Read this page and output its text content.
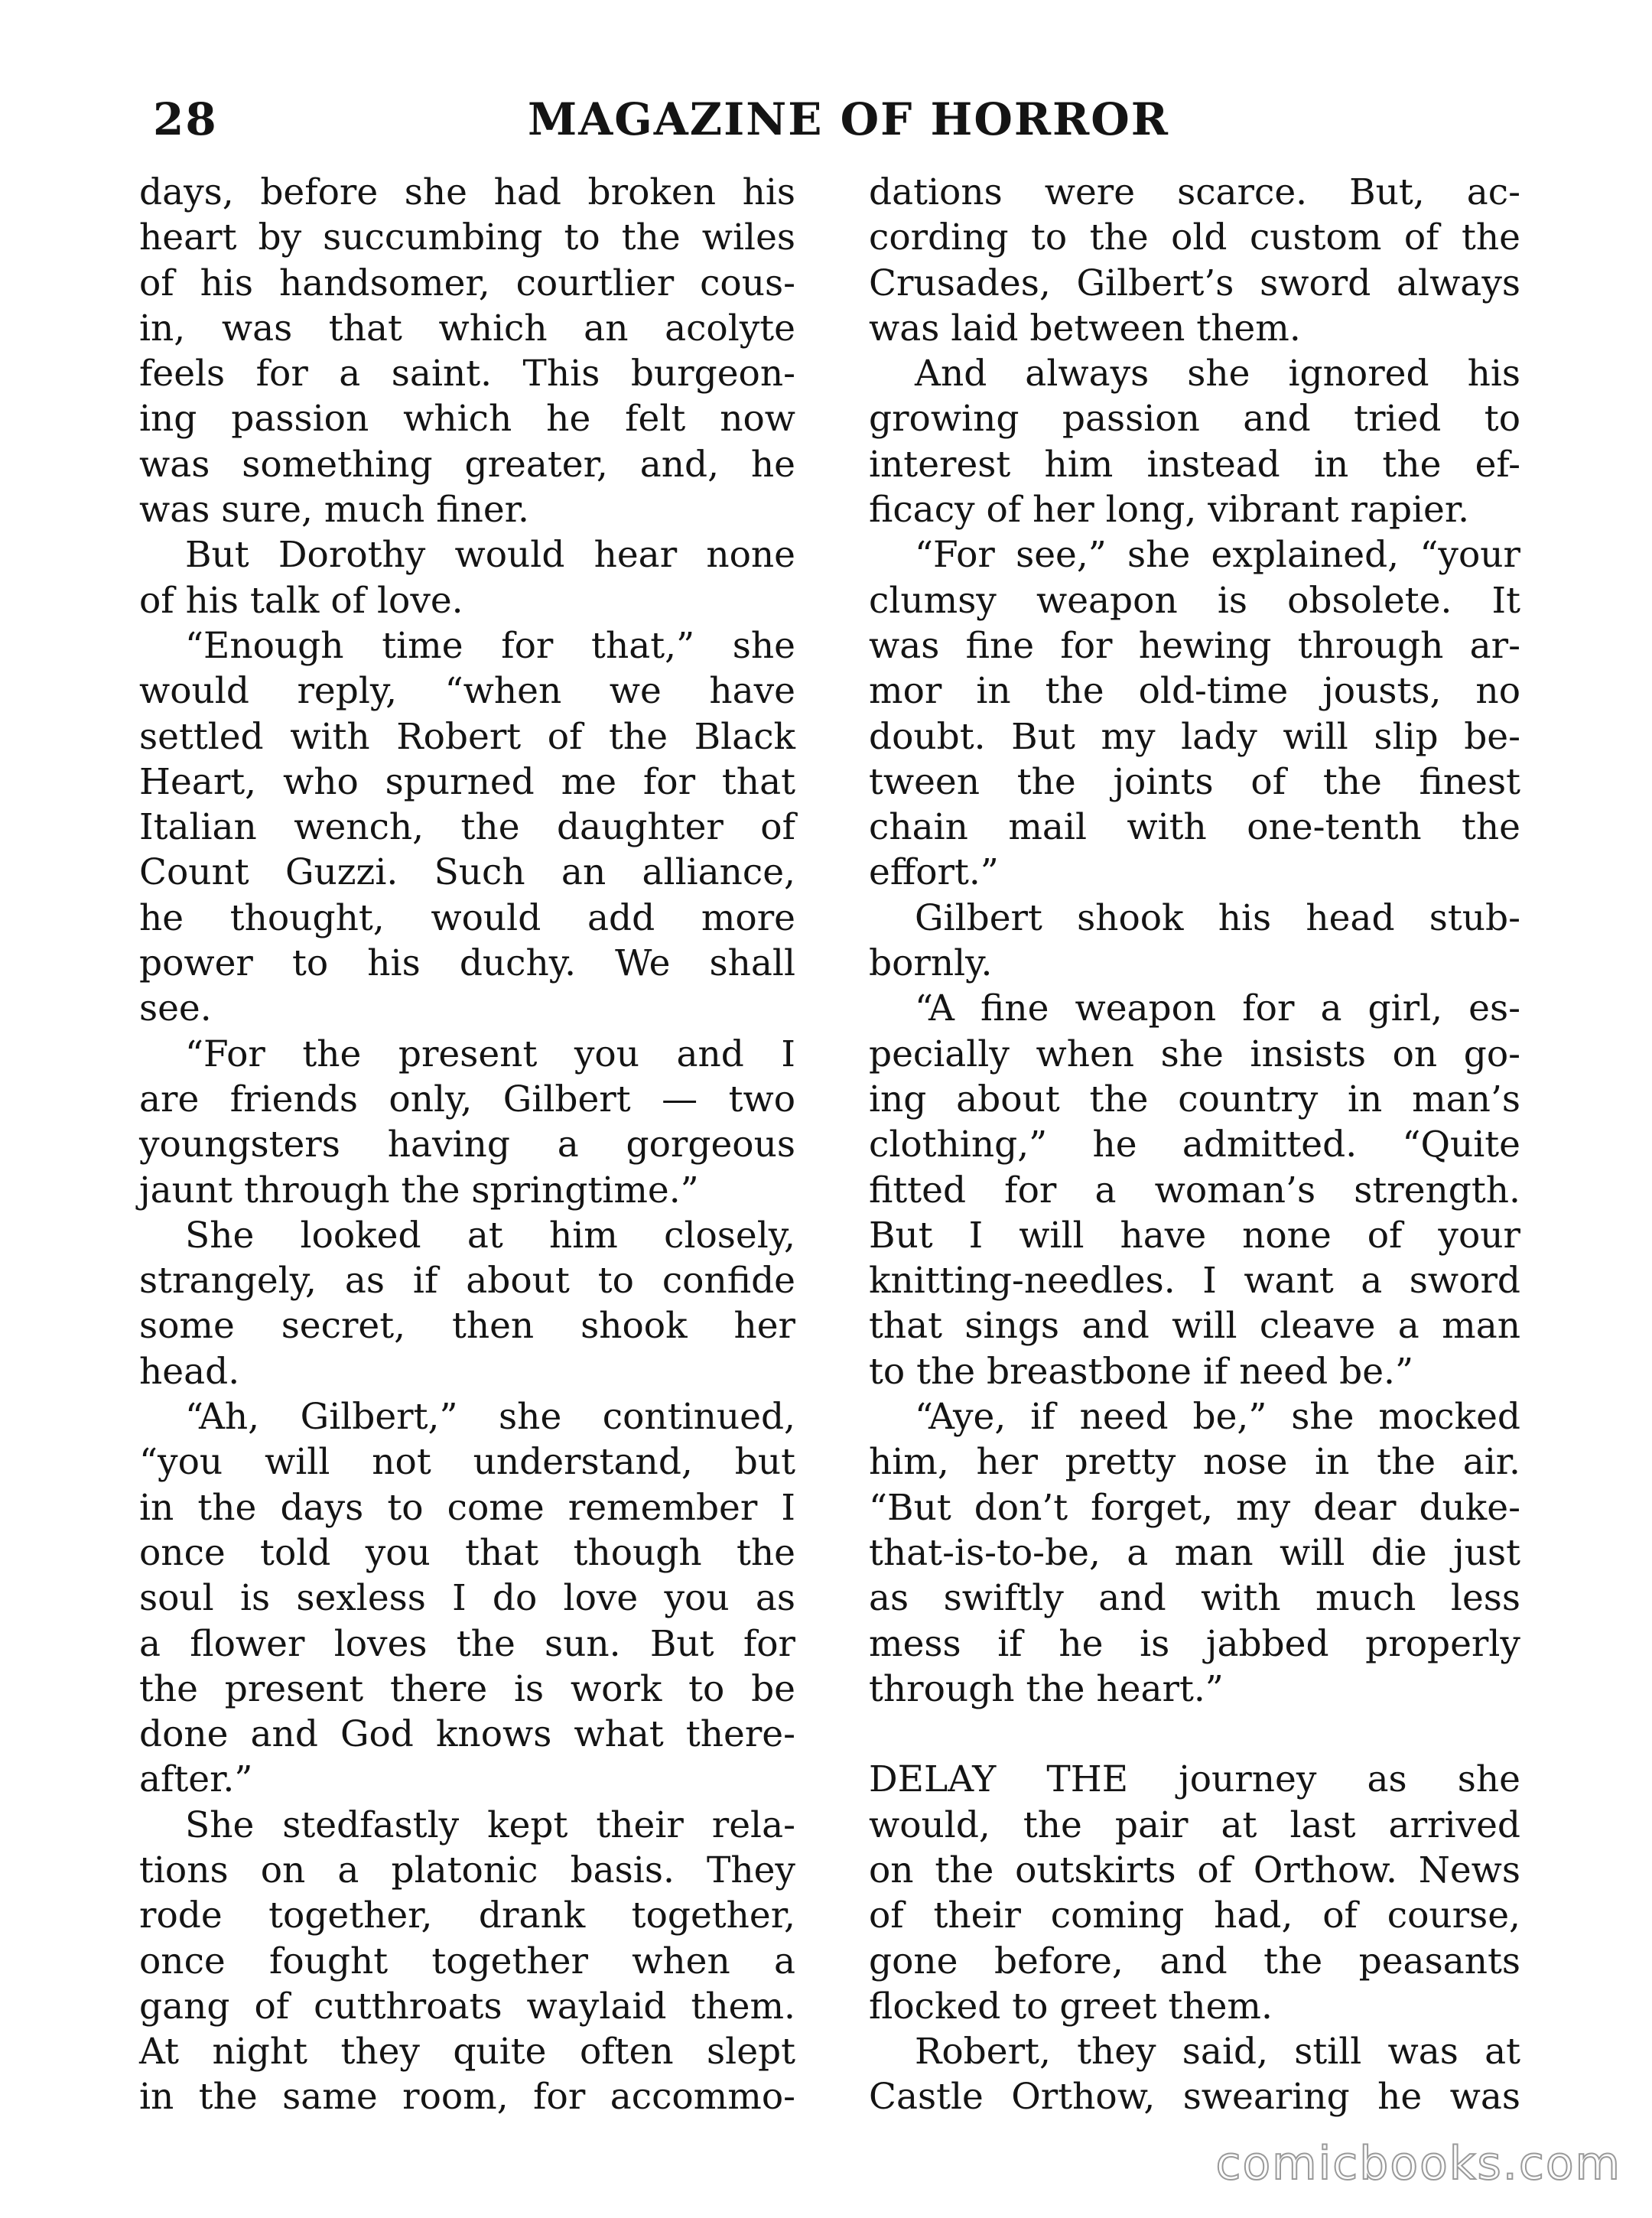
28	MAGAZINE OF HORROR
days, before she had broken his
heart by succumbing to the wiles
of his handsomer, courtlier cous-
in, was that which an acolyte
feels for a saint. This burgeon-
ing passion which he felt now
was something greater, and, he
was sure, much finer.
But Dorothy would hear none
of his talk of love.
“Enough time for that,” she
would reply, “when we have
settled with Robert of the Black
Heart, who spurned me for that
Italian wench, the daughter of
Count Guzzi. Such an alliance,
he thought, would add more
power to his duchy. We shall
see.
“For the present you and I
are friends only, Gilbert — two
youngsters having a gorgeous
jaunt through the springtime.”
She looked at him closely,
strangely, as if about to confide
some secret, then shook her
head.
“Ah, Gilbert,” she continued,
“you will not understand, but
in the days to come remember I
once told you that though the
soul is sexless I do love you as
a flower loves the sun. But for
the present there is work to be
done and God knows what there-
after.”
She stedfastly kept their rela-
tions on a platonic basis. They
rode together, drank together,
once fought together when a
gang of cutthroats waylaid them.
At night they quite often slept
in the same room, for accommo-
dations were scarce. But, ac-
cording to the old custom of the
Crusades, Gilbert’s sword always
was laid between them.
And always she ignored his
growing passion and tried to
interest him instead in the ef-
ficacy of her long, vibrant rapier.
“For see,” she explained, “your
clumsy weapon is obsolete. It
was fine for hewing through ar-
mor in the old-time jousts, no
doubt. But my lady will slip be-
tween the joints of the finest
chain mail with one-tenth the
effort.”
Gilbert shook his head stub-
bornly.
“A fine weapon for a girl, es-
pecially when she insists on go-
ing about the country in man’s
clothing,” he admitted. “Quite
fitted for a woman’s strength.
But I will have none of your
knitting-needles. I want a sword
that sings and will cleave a man
to the breastbone if need be.”
“Aye, if need be,” she mocked
him, her pretty nose in the air.
“But don’t forget, my dear duke-
that-is-to-be, a man will die just
as swiftly and with much less
mess if he is jabbed properly
through the heart.”
DELAY THE journey as she
would, the pair at last arrived
on the outskirts of Orthow. News
of their coming had, of course,
gone before, and the peasants
flocked to greet them.
Robert, they said, still was at
Castle Orthow, swearing he was
comicbooks.com
